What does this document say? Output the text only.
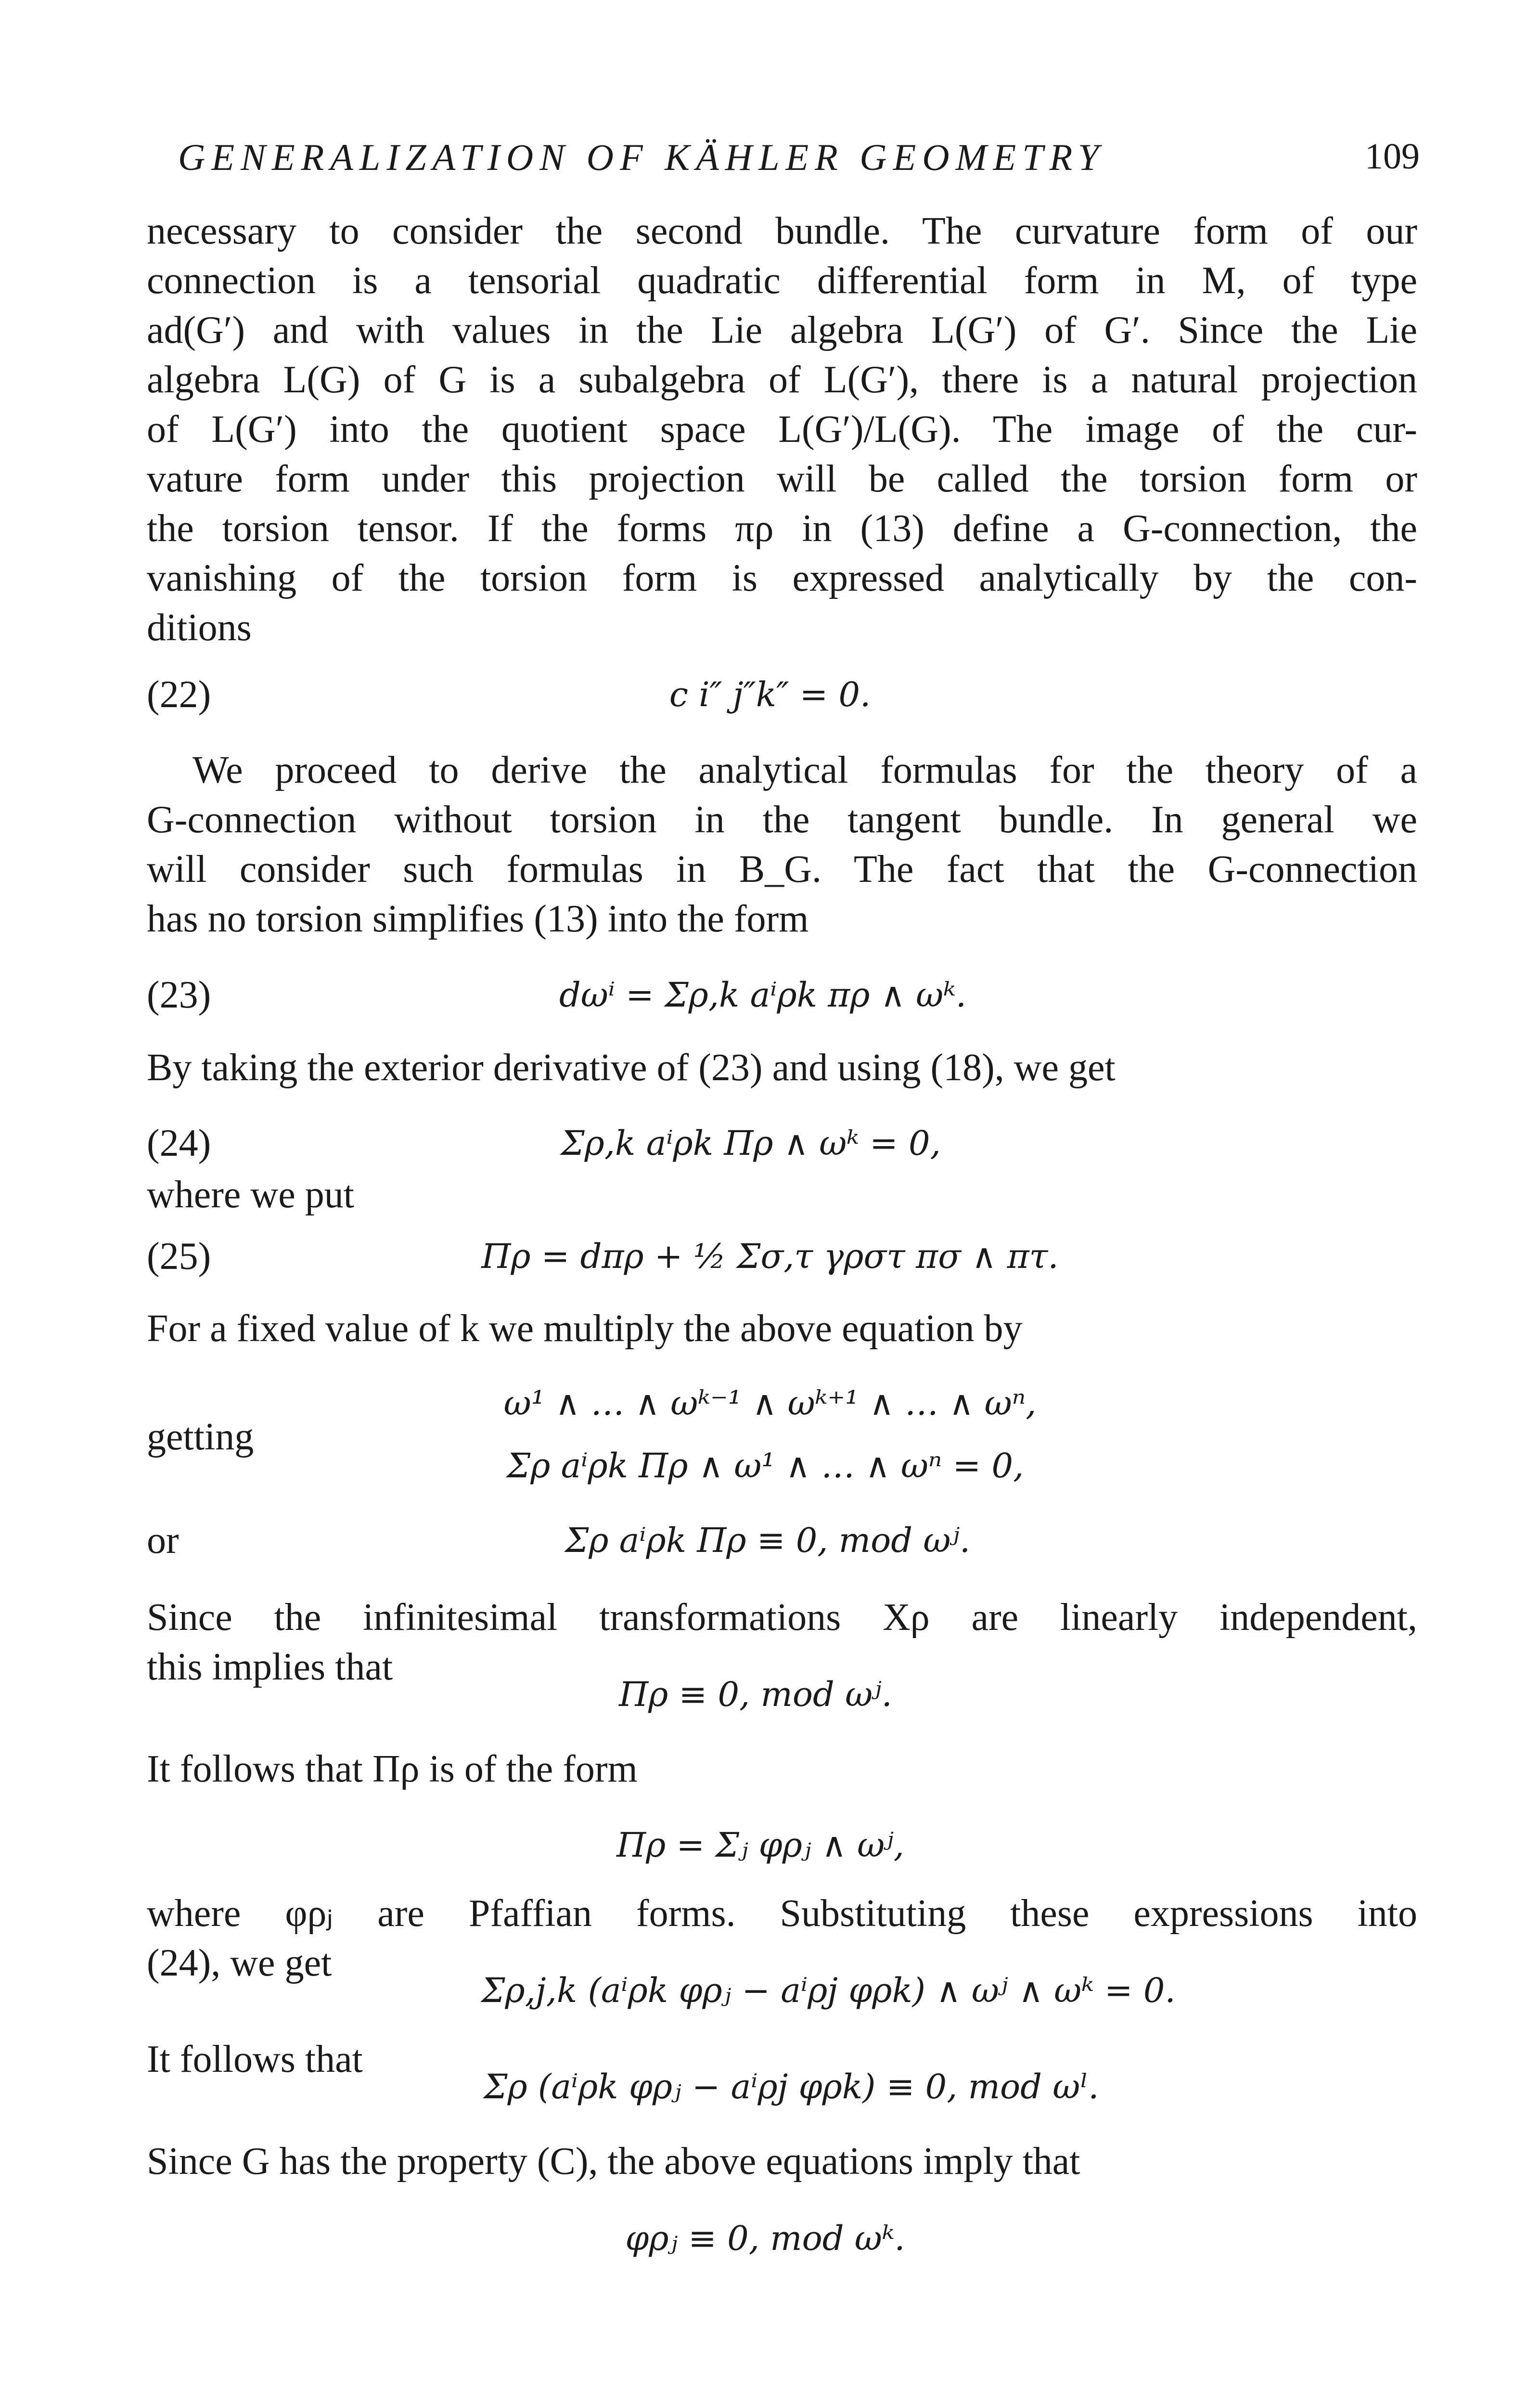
GENERALIZATION OF KÄHLER GEOMETRY	109
necessary to consider the second bundle. The curvature form of our
connection is a tensorial quadratic differential form in M, of type
ad(G′) and with values in the Lie algebra L(G′) of G′. Since the Lie
algebra L(G) of G is a subalgebra of L(G′), there is a natural projection
of L(G′) into the quotient space L(G′)/L(G). The image of the cur-
vature form under this projection will be called the torsion form or
the torsion tensor. If the forms πρ in (13) define a G-connection, the
vanishing of the torsion form is expressed analytically by the con-
ditions
(22)	c i″ j″k″ = 0.
We proceed to derive the analytical formulas for the theory of a
G-connection without torsion in the tangent bundle. In general we
will consider such formulas in B_G. The fact that the G-connection
has no torsion simplifies (13) into the form
(23)	dωⁱ = Σρ,k aⁱρk πρ ∧ ωᵏ.
By taking the exterior derivative of (23) and using (18), we get
(24)	Σρ,k aⁱρk Πρ ∧ ωᵏ = 0,
where we put
(25)	Πρ = dπρ + ½ Σσ,τ γρστ πσ ∧ πτ.
For a fixed value of k we multiply the above equation by
ω¹ ∧ … ∧ ωᵏ⁻¹ ∧ ωᵏ⁺¹ ∧ … ∧ ωⁿ,
getting
Σρ aⁱρk Πρ ∧ ω¹ ∧ … ∧ ωⁿ = 0,
or	Σρ aⁱρk Πρ ≡ 0, mod ωʲ.
Since the infinitesimal transformations Xρ are linearly independent,
this implies that
Πρ ≡ 0, mod ωʲ.
It follows that Πρ is of the form
Πρ = Σⱼ φρⱼ ∧ ωʲ,
where φρⱼ are Pfaffian forms. Substituting these expressions into
(24), we get
Σρ,j,k (aⁱρk φρⱼ − aⁱρj φρk) ∧ ωʲ ∧ ωᵏ = 0.
It follows that
Σρ (aⁱρk φρⱼ − aⁱρj φρk) ≡ 0, mod ωˡ.
Since G has the property (C), the above equations imply that
φρⱼ ≡ 0, mod ωᵏ.
